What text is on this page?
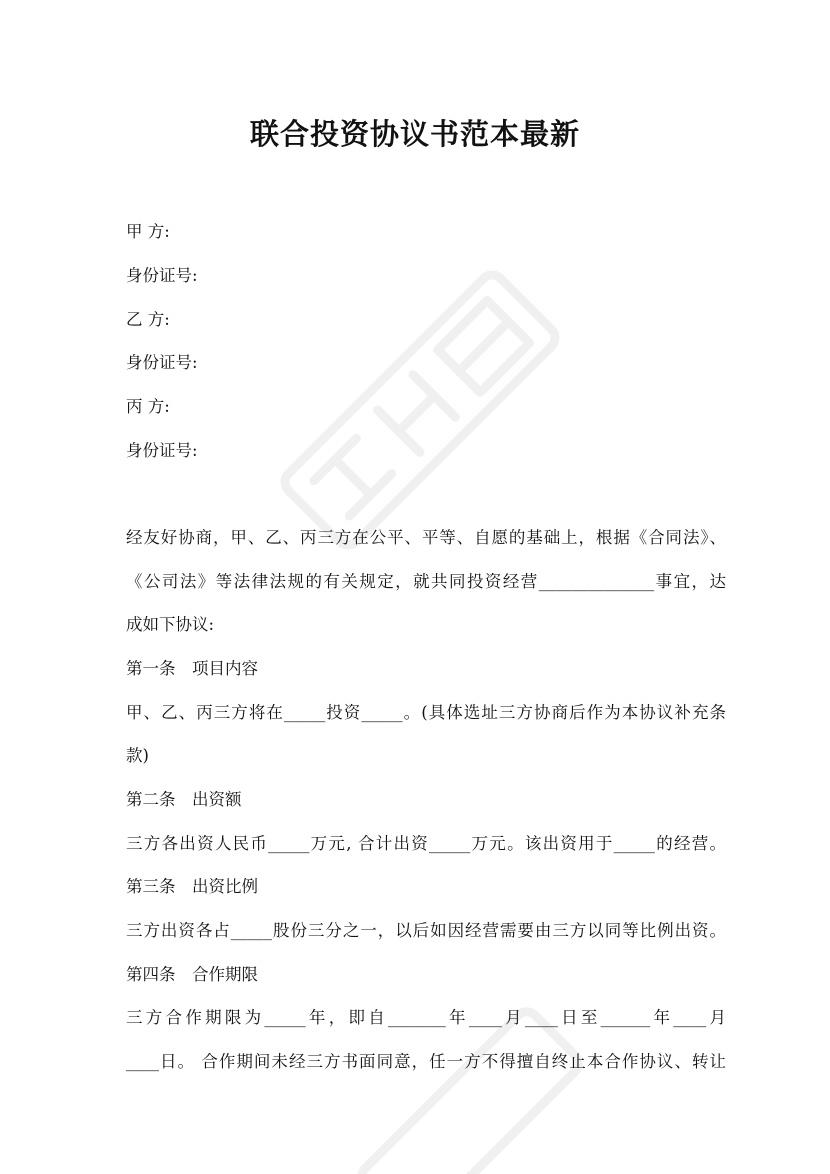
联合投资协议书范本最新
甲 方:
身份证号:
乙 方:
身份证号:
丙 方:
身份证号:
经友好协商，甲、乙、丙三方在公平、平等、自愿的基础上，根据《合同法》、
《公司法》等法律法规的有关规定，就共同投资经营______________事宜，达
成如下协议:
第一条　项目内容
甲、乙、丙三方将在_____投资_____。(具体选址三方协商后作为本协议补充条
款)
第二条　出资额
三方各出资人民币_____万元, 合计出资_____万元。该出资用于_____的经营。
第三条　出资比例
三方出资各占_____股份三分之一，以后如因经营需要由三方以同等比例出资。
第四条　合作期限
三方合作期限为_____年，即自_______年____月____日至______年____月
____日。 合作期间未经三方书面同意，任一方不得擅自终止本合作协议、转让
